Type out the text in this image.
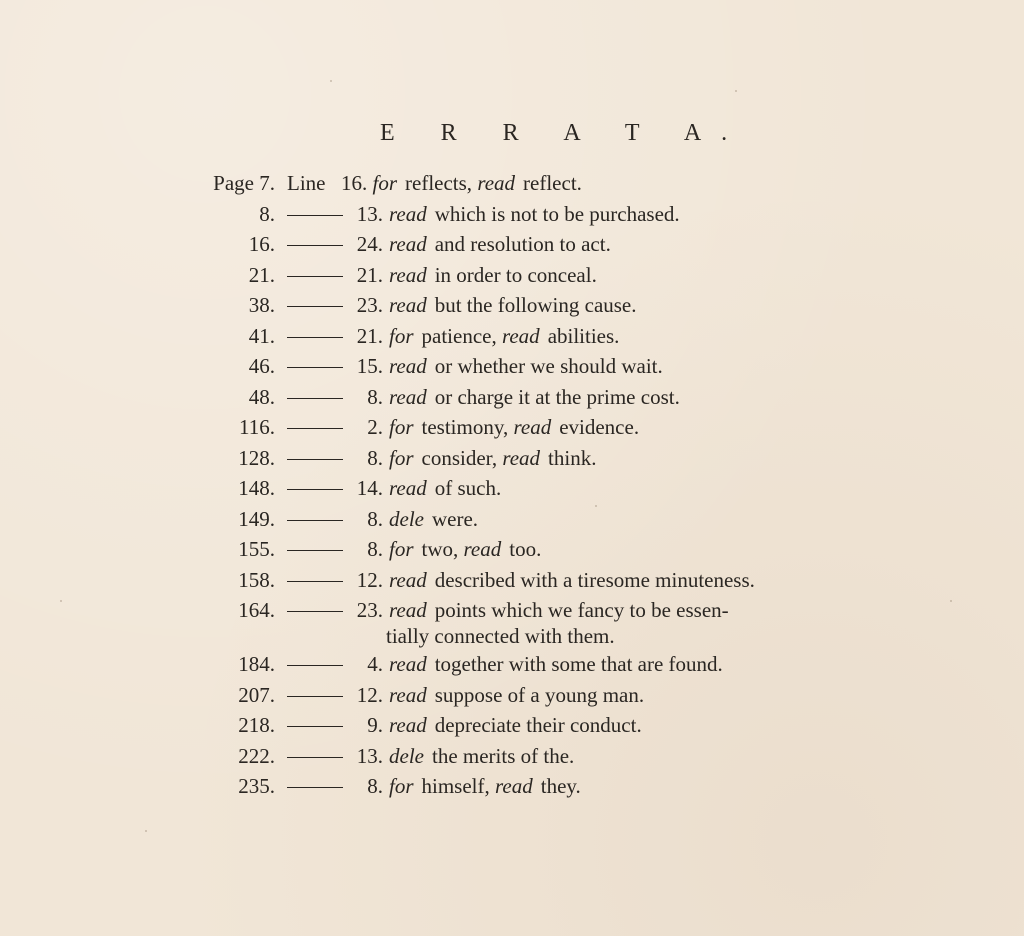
E R R A T A.
Page 7. Line 16. for reflects, read reflect.
8.	13. read which is not to be purchased.
16.	24. read and resolution to act.
21.	21. read in order to conceal.
38.	23. read but the following cause.
41.	21. for patience, read abilities.
46.	15. read or whether we should wait.
48.	8. read or charge it at the prime cost.
116.	2. for testimony, read evidence.
128.	8. for consider, read think.
148.	14. read of such.
149.	8. dele were.
155.	8. for two, read too.
158.	12. read described with a tiresome minuteness.
164.	23. read points which we fancy to be essen-
tially connected with them.
184.	4. read together with some that are found.
207.	12. read suppose of a young man.
218.	9. read depreciate their conduct.
222.	13. dele the merits of the.
235.	8. for himself, read they.
